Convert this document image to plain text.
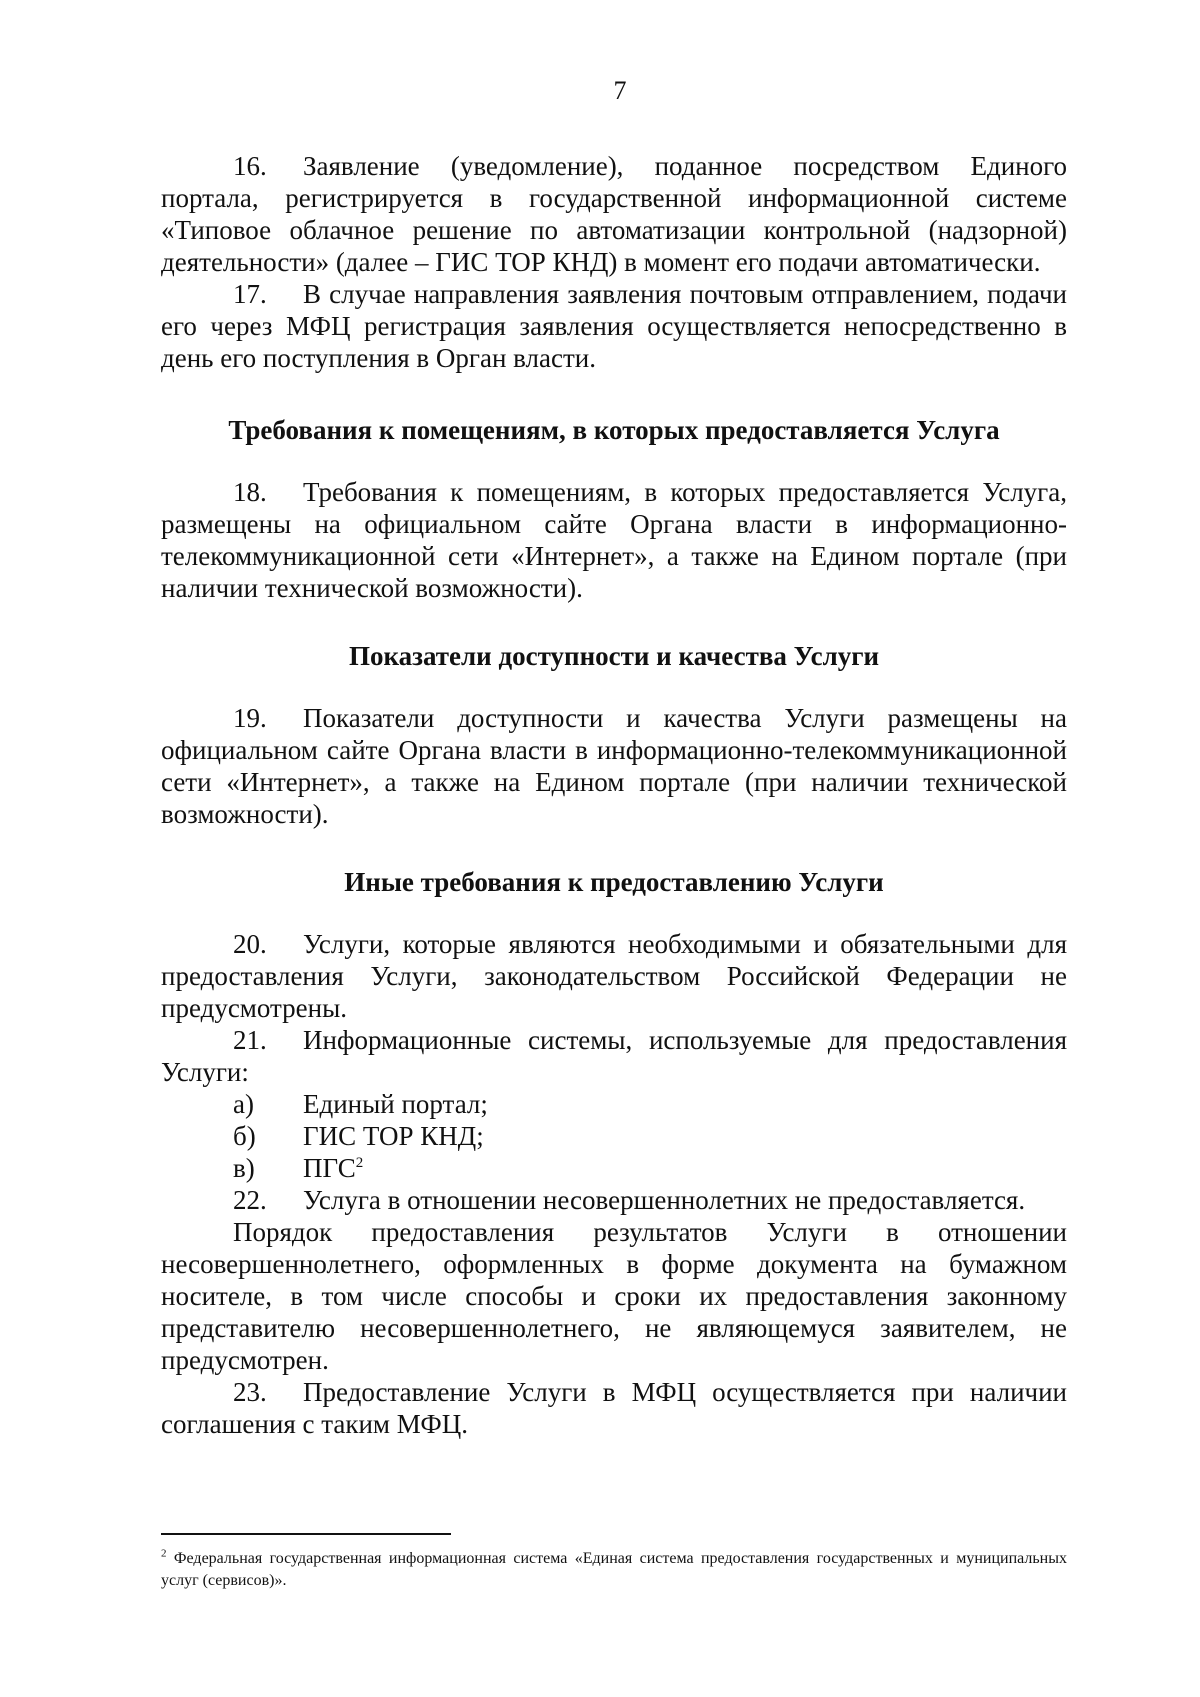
7

16. Заявление (уведомление), поданное посредством Единого портала, регистрируется в государственной информационной системе «Типовое облачное решение по автоматизации контрольной (надзорной) деятельности» (далее – ГИС ТОР КНД) в момент его подачи автоматически.

17. В случае направления заявления почтовым отправлением, подачи его через МФЦ регистрация заявления осуществляется непосредственно в день его поступления в Орган власти.

Требования к помещениям, в которых предоставляется Услуга

18. Требования к помещениям, в которых предоставляется Услуга, размещены на официальном сайте Органа власти в информационно-телекоммуникационной сети «Интернет», а также на Едином портале (при наличии технической возможности).

Показатели доступности и качества Услуги

19. Показатели доступности и качества Услуги размещены на официальном сайте Органа власти в информационно-телекоммуникационной сети «Интернет», а также на Едином портале (при наличии технической возможности).

Иные требования к предоставлению Услуги

20. Услуги, которые являются необходимыми и обязательными для предоставления Услуги, законодательством Российской Федерации не предусмотрены.

21. Информационные системы, используемые для предоставления Услуги:

а) Единый портал;
б) ГИС ТОР КНД;
в) ПГС$^2$

22. Услуга в отношении несовершеннолетних не предоставляется.

Порядок предоставления результатов Услуги в отношении несовершеннолетнего, оформленных в форме документа на бумажном носителе, в том числе способы и сроки их предоставления законному представителю несовершеннолетнего, не являющемуся заявителем, не предусмотрен.

23. Предоставление Услуги в МФЦ осуществляется при наличии соглашения с таким МФЦ.

$^2$ Федеральная государственная информационная система «Единая система предоставления государственных и муниципальных услуг (сервисов)».
